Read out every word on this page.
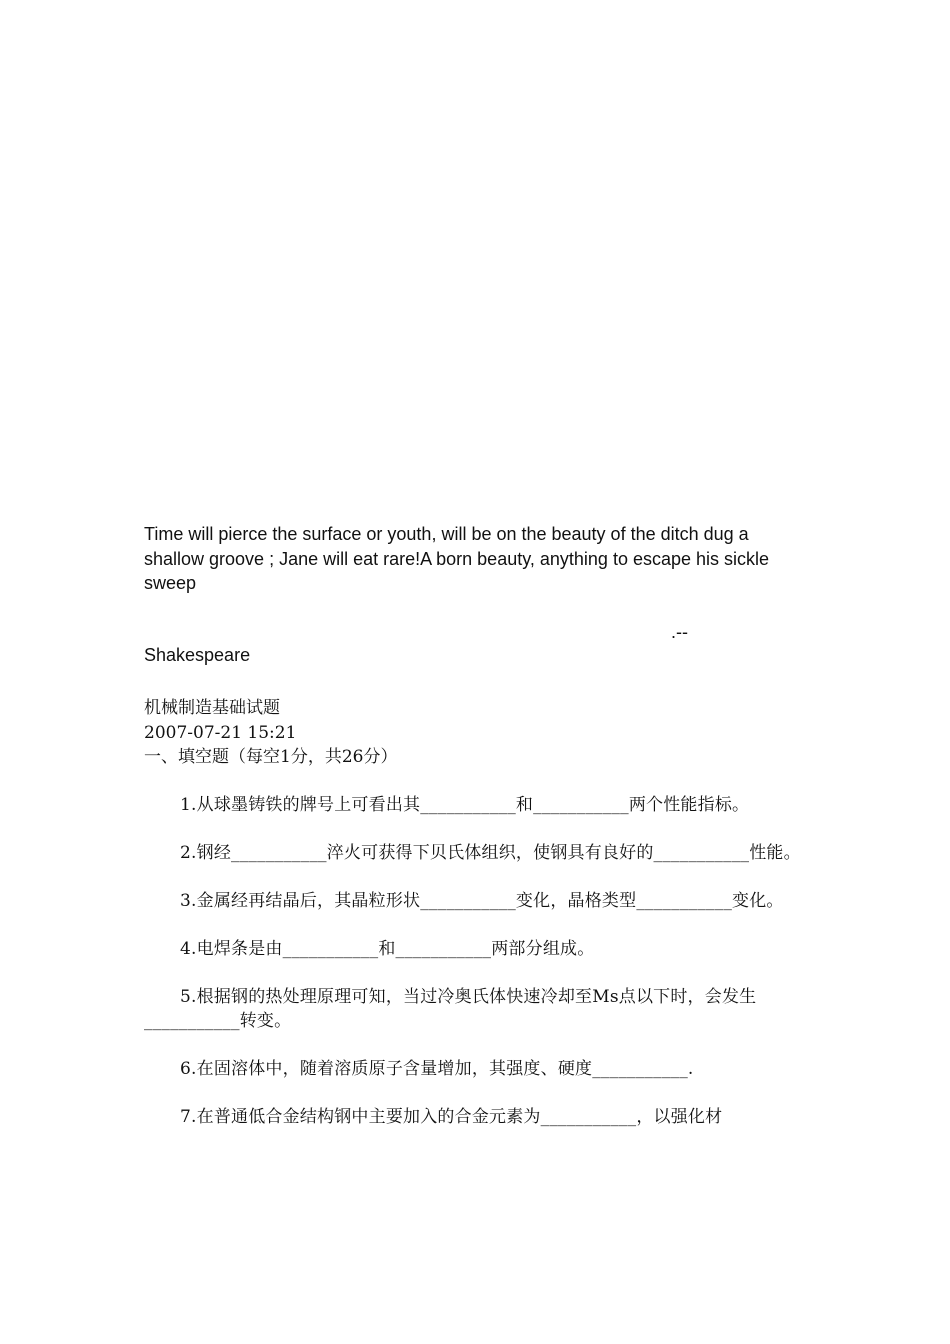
Time will pierce the surface or youth, will be on the beauty of the ditch dug a shallow groove ; Jane will eat rare!A born beauty, anything to escape his sickle sweep
.--
Shakespeare
机械制造基础试题
2007-07-21 15:21
一、填空题（每空1分，共26分）

1.从球墨铸铁的牌号上可看出其___________和___________两个性能指标。

2.钢经___________淬火可获得下贝氏体组织，使钢具有良好的___________性能。

3.金属经再结晶后，其晶粒形状___________变化，晶格类型___________变化。

4.电焊条是由___________和___________两部分组成。

5.根据钢的热处理原理可知，当过冷奥氏体快速冷却至Ms点以下时，会发生___________转变。

6.在固溶体中，随着溶质原子含量增加，其强度、硬度___________.

7.在普通低合金结构钢中主要加入的合金元素为___________，以强化材
